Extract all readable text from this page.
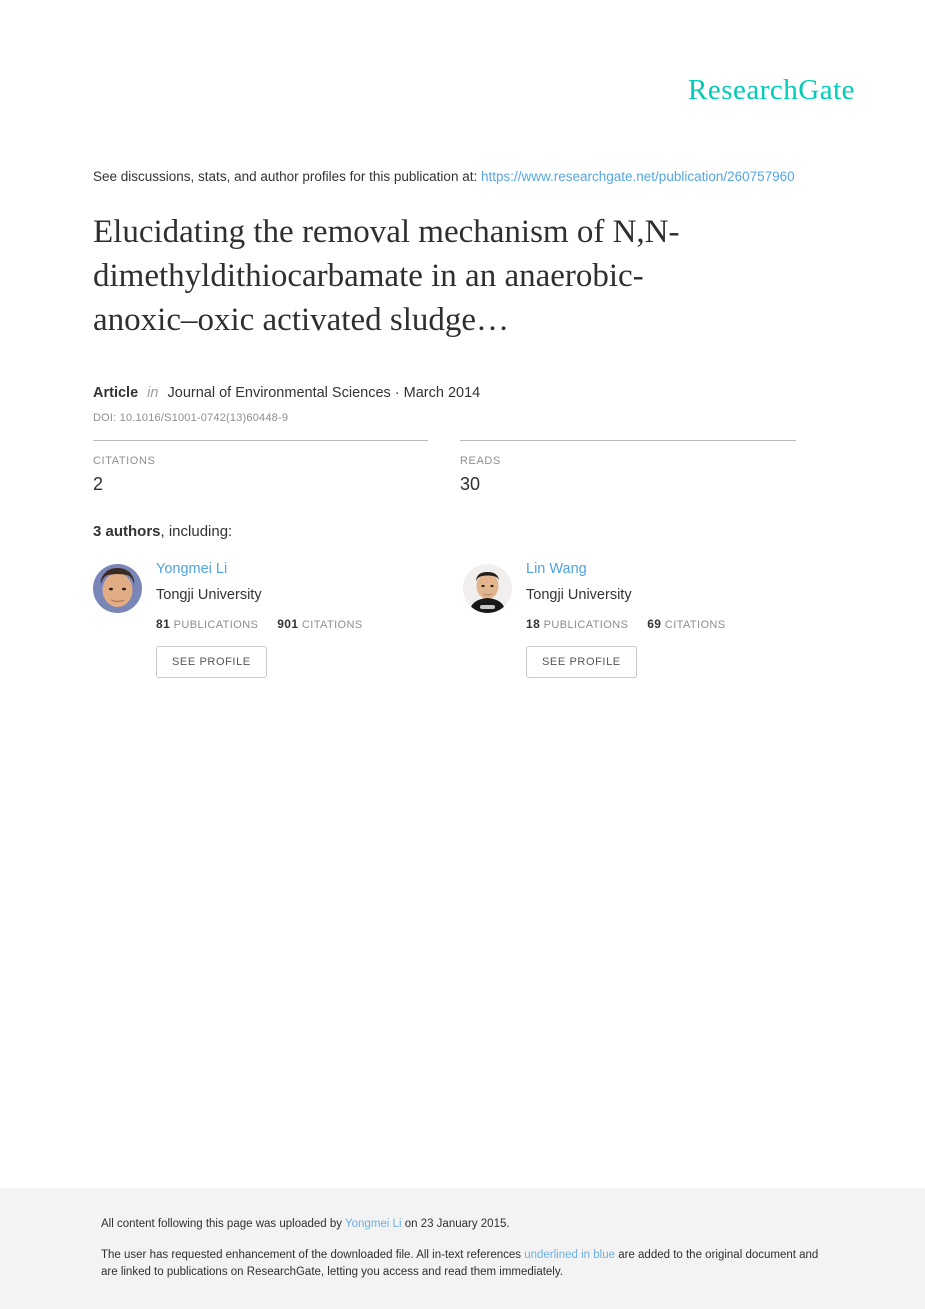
ResearchGate
See discussions, stats, and author profiles for this publication at: https://www.researchgate.net/publication/260757960
Elucidating the removal mechanism of N,N-
dimethyldithiocarbamate in an anaerobic-
anoxic–oxic activated sludge…
Article in Journal of Environmental Sciences · March 2014
DOI: 10.1016/S1001-0742(13)60448-9
CITATIONS
2
READS
30
3 authors, including:
Yongmei Li
Tongji University
81 PUBLICATIONS 901 CITATIONS
SEE PROFILE
Lin Wang
Tongji University
18 PUBLICATIONS 69 CITATIONS
SEE PROFILE
All content following this page was uploaded by Yongmei Li on 23 January 2015.
The user has requested enhancement of the downloaded file. All in-text references underlined in blue are added to the original document and are linked to publications on ResearchGate, letting you access and read them immediately.
